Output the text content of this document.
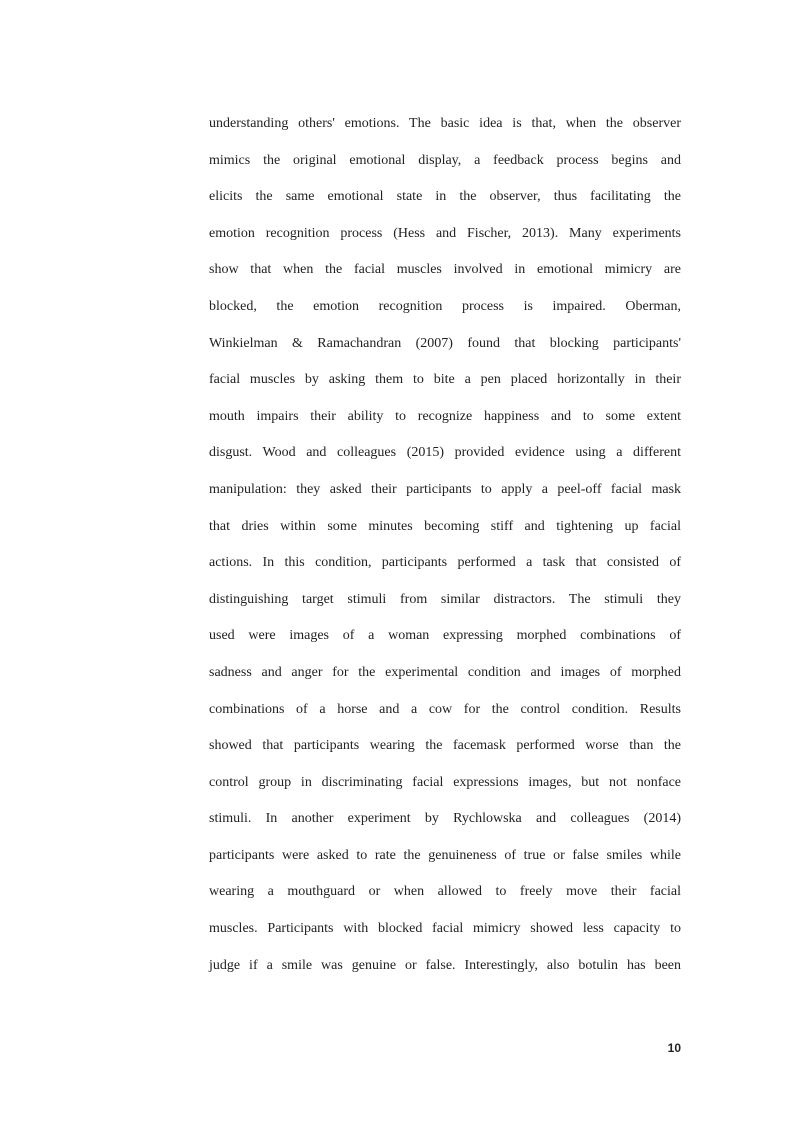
understanding others' emotions. The basic idea is that, when the observer
mimics the original emotional display, a feedback process begins and
elicits the same emotional state in the observer, thus facilitating the
emotion recognition process (Hess and Fischer, 2013). Many experiments
show that when the facial muscles involved in emotional mimicry are
blocked, the emotion recognition process is impaired. Oberman,
Winkielman & Ramachandran (2007) found that blocking participants'
facial muscles by asking them to bite a pen placed horizontally in their
mouth impairs their ability to recognize happiness and to some extent
disgust. Wood and colleagues (2015) provided evidence using a different
manipulation: they asked their participants to apply a peel-off facial mask
that dries within some minutes becoming stiff and tightening up facial
actions. In this condition, participants performed a task that consisted of
distinguishing target stimuli from similar distractors. The stimuli they
used were images of a woman expressing morphed combinations of
sadness and anger for the experimental condition and images of morphed
combinations of a horse and a cow for the control condition. Results
showed that participants wearing the facemask performed worse than the
control group in discriminating facial expressions images, but not nonface
stimuli. In another experiment by Rychlowska and colleagues (2014)
participants were asked to rate the genuineness of true or false smiles while
wearing a mouthguard or when allowed to freely move their facial
muscles. Participants with blocked facial mimicry showed less capacity to
judge if a smile was genuine or false. Interestingly, also botulin has been
10
